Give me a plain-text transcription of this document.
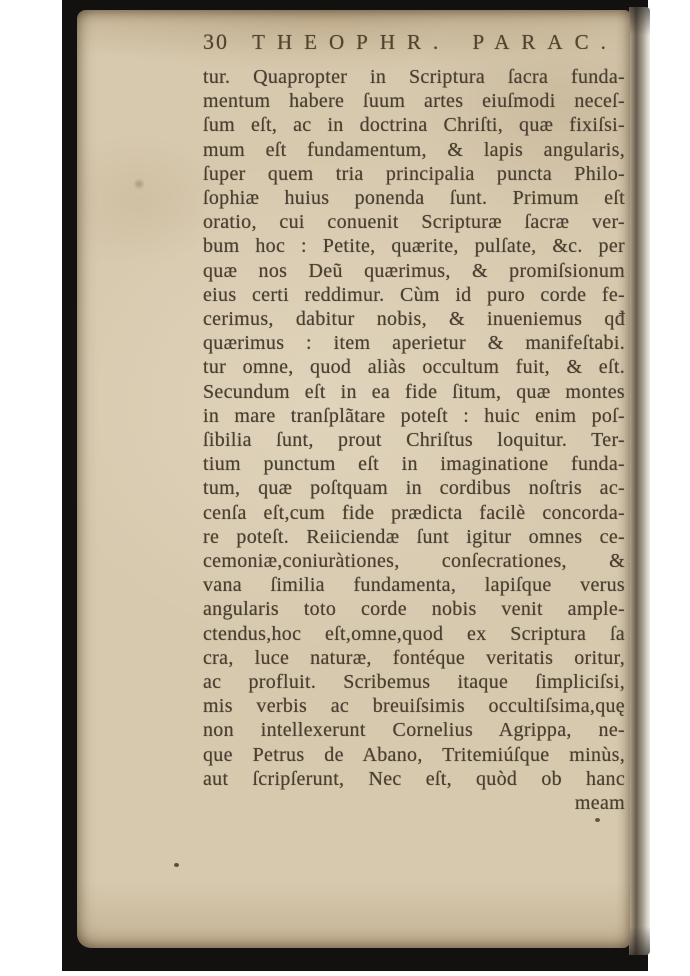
30	THEOPHR. PARAC.
tur. Quapropter in Scriptura ſacra funda-
mentum habere ſuum artes eiuſmodi neceſ-
ſum eſt, ac in doctrina Chriſti, quæ fixiſsi-
mum eſt fundamentum, & lapis angularis,
ſuper quem tria principalia puncta Philo-
ſophiæ huius ponenda ſunt. Primum eſt
oratio, cui conuenit Scripturæ ſacræ ver-
bum hoc : Petite, quærite, pulſate, &c. per
quæ nos Deũ quærimus, & promiſsionum
eius certi reddimur. Cùm id puro corde fe-
cerimus, dabitur nobis, & inueniemus qđ
quærimus : item aperietur & manifeſtabi.
tur omne, quod aliàs occultum fuit, & eſt.
Secundum eſt in ea fide ſitum, quæ montes
in mare tranſplãtare poteſt : huic enim poſ-
ſibilia ſunt, prout Chriſtus loquitur. Ter-
tium punctum eſt in imaginatione funda-
tum, quæ poſtquam in cordibus noſtris ac-
cenſa eſt,cum fide prædicta facilè concorda-
re poteſt. Reiiciendæ ſunt igitur omnes ce-
cemoniæ,coniuràtiones, conſecrationes, &
vana ſimilia fundamenta, lapiſque verus
angularis toto corde nobis venit ample-
ctendus,hoc eſt,omne,quod ex Scriptura ſa
cra, luce naturæ, fontéque veritatis oritur,
ac profluit. Scribemus itaque ſimpliciſsi,
mis verbis ac breuiſsimis occultiſsima,quę
non intellexerunt Cornelius Agrippa, ne-
que Petrus de Abano, Tritemiúſque minùs,
aut ſcripſerunt, Nec eſt, quòd ob hanc
meam
